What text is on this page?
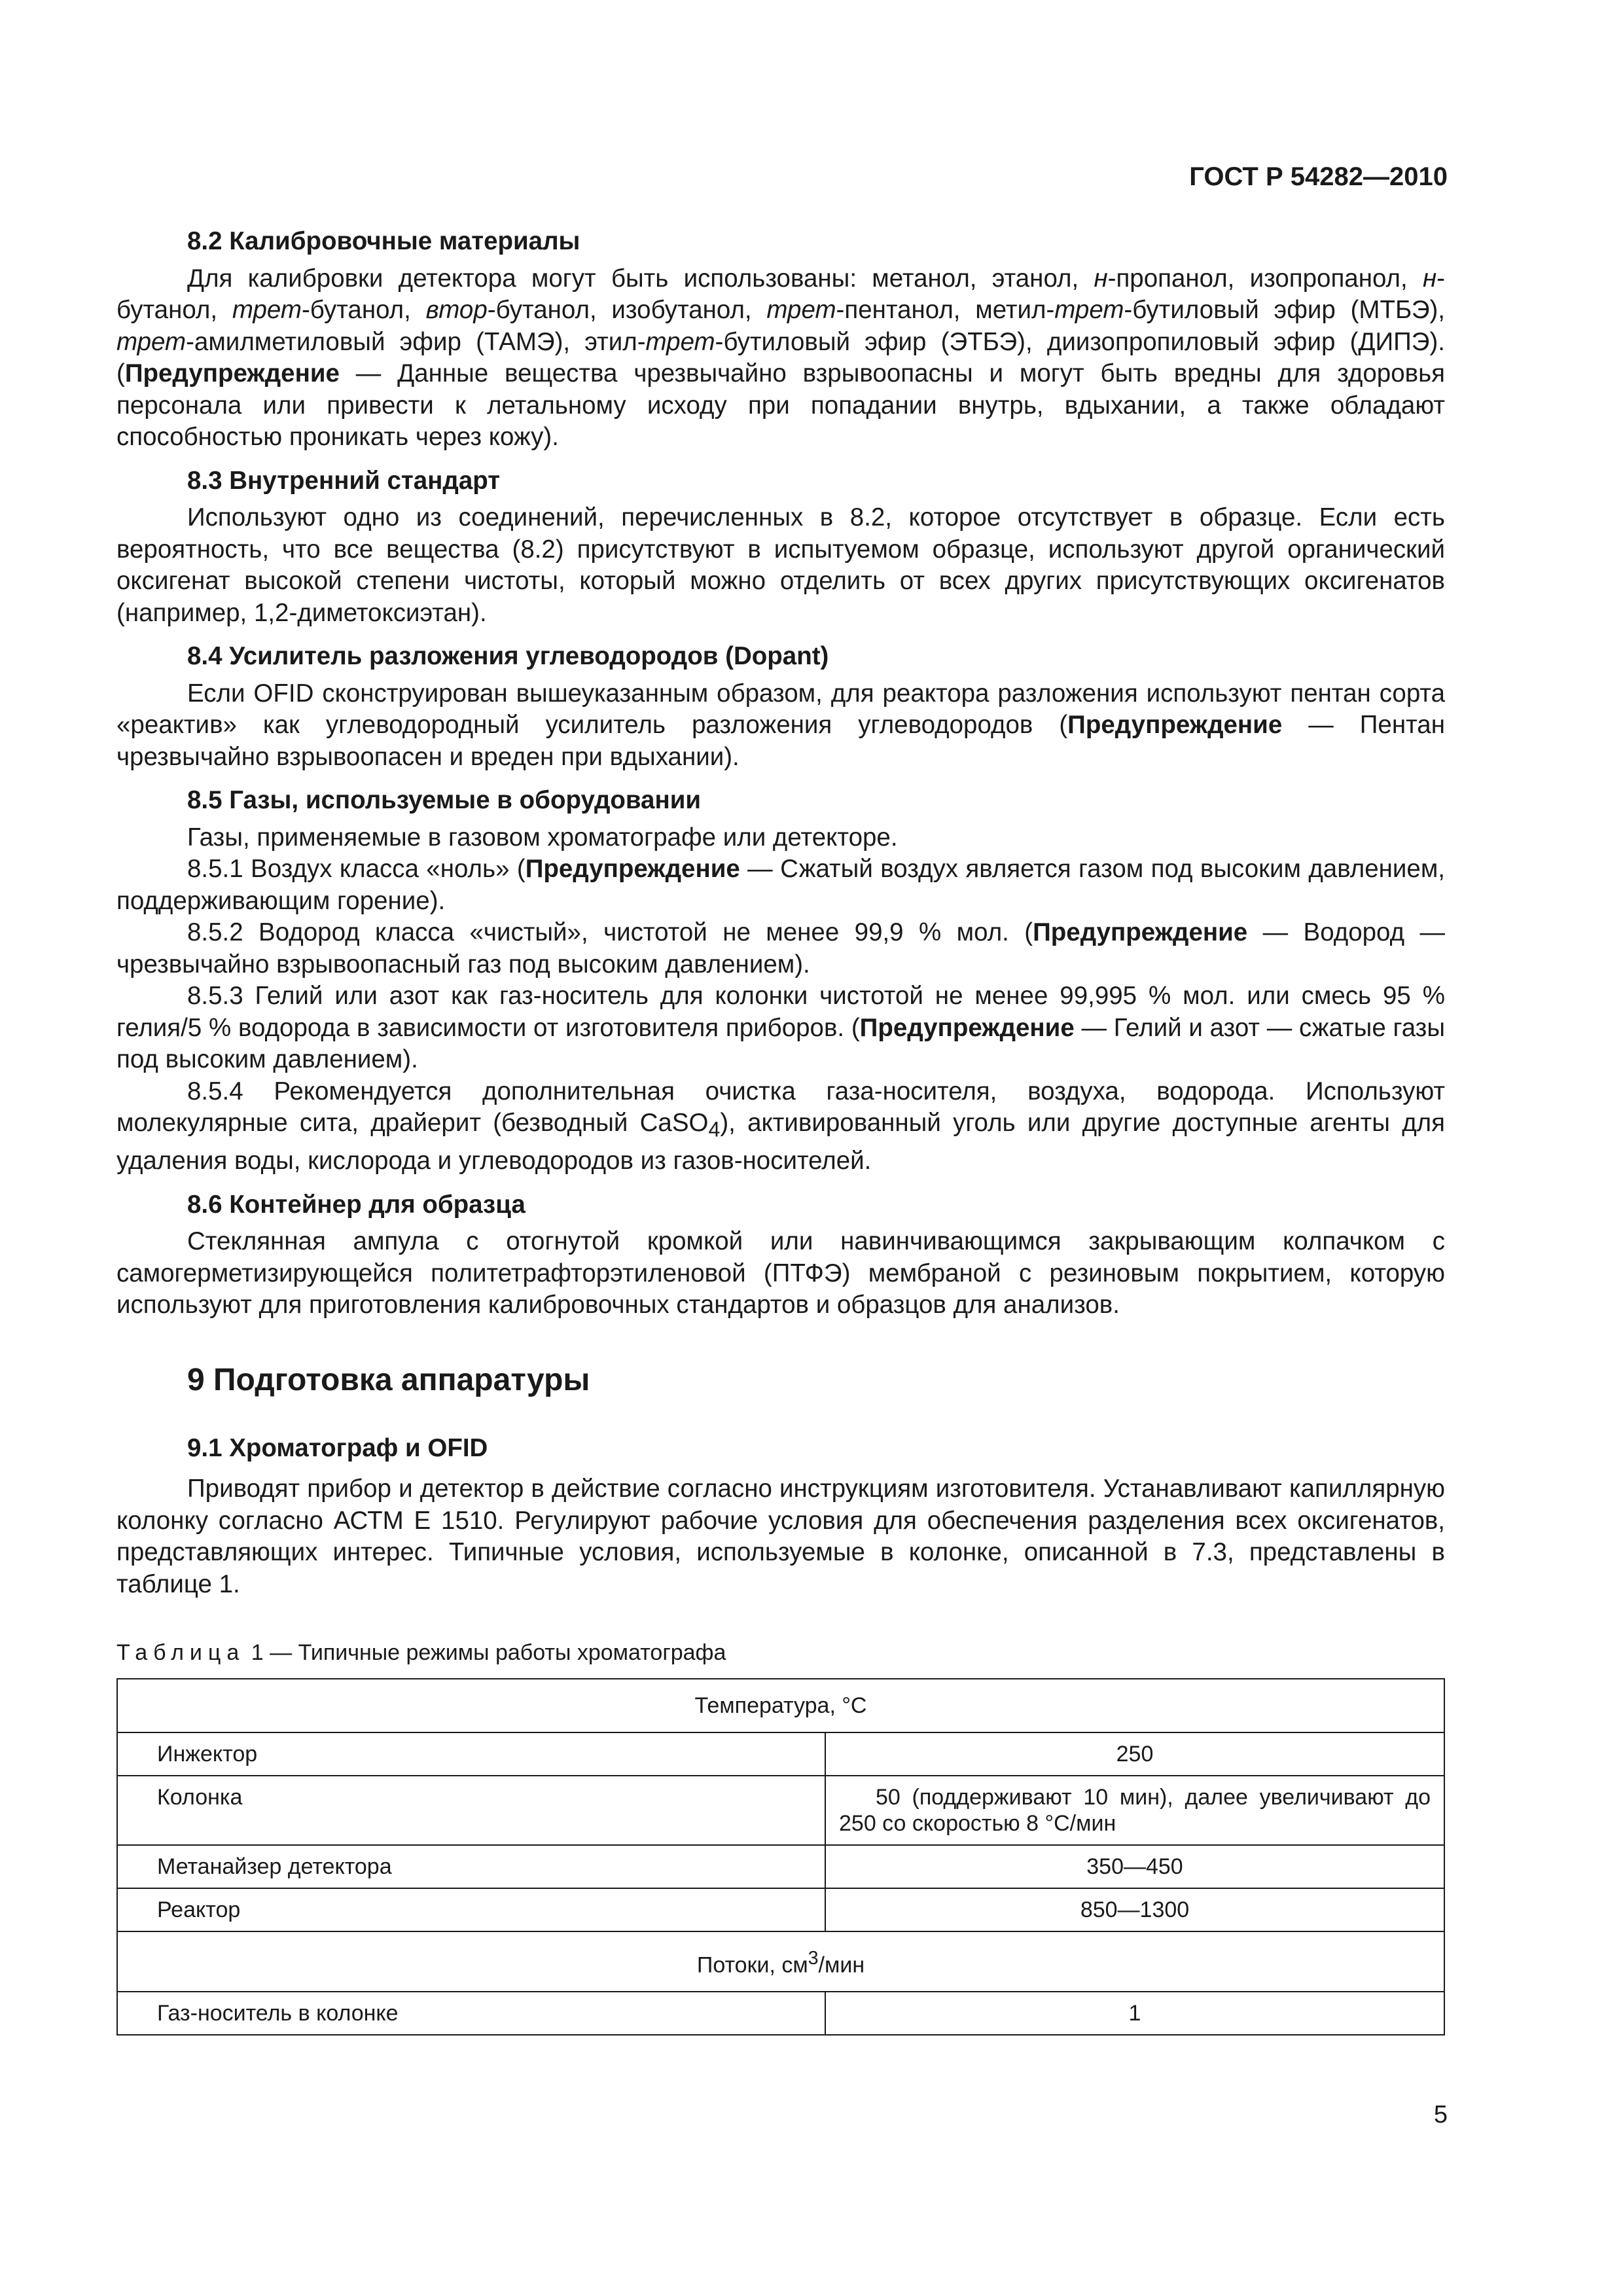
ГОСТ Р 54282—2010

8.2 Калибровочные материалы

Для калибровки детектора могут быть использованы: метанол, этанол, н-пропанол, изопропанол, н-бутанол, трет-бутанол, втор-бутанол, изобутанол, трет-пентанол, метил-трет-бутиловый эфир (МТБЭ), трет-амилметиловый эфир (ТАМЭ), этил-трет-бутиловый эфир (ЭТБЭ), диизопропиловый эфир (ДИПЭ). (Предупреждение — Данные вещества чрезвычайно взрывоопасны и могут быть вредны для здоровья персонала или привести к летальному исходу при попадании внутрь, вдыхании, а также обладают способностью проникать через кожу).

8.3 Внутренний стандарт

Используют одно из соединений, перечисленных в 8.2, которое отсутствует в образце. Если есть вероятность, что все вещества (8.2) присутствуют в испытуемом образце, используют другой органический оксигенат высокой степени чистоты, который можно отделить от всех других присутствующих оксигенатов (например, 1,2-диметоксиэтан).

8.4 Усилитель разложения углеводородов (Dopant)

Если OFID сконструирован вышеуказанным образом, для реактора разложения используют пентан сорта «реактив» как углеводородный усилитель разложения углеводородов (Предупреждение — Пентан чрезвычайно взрывоопасен и вреден при вдыхании).

8.5 Газы, используемые в оборудовании

Газы, применяемые в газовом хроматографе или детекторе.

8.5.1 Воздух класса «ноль» (Предупреждение — Сжатый воздух является газом под высоким давлением, поддерживающим горение).

8.5.2 Водород класса «чистый», чистотой не менее 99,9 % мол. (Предупреждение — Водород — чрезвычайно взрывоопасный газ под высоким давлением).

8.5.3 Гелий или азот как газ-носитель для колонки чистотой не менее 99,995 % мол. или смесь 95 % гелия/5 % водорода в зависимости от изготовителя приборов. (Предупреждение — Гелий и азот — сжатые газы под высоким давлением).

8.5.4 Рекомендуется дополнительная очистка газа-носителя, воздуха, водорода. Используют молекулярные сита, драйерит (безводный CaSO$_4$), активированный уголь или другие доступные агенты для удаления воды, кислорода и углеводородов из газов-носителей.

8.6 Контейнер для образца

Стеклянная ампула с отогнутой кромкой или навинчивающимся закрывающим колпачком с самогерметизирующейся политетрафторэтиленовой (ПТФЭ) мембраной с резиновым покрытием, которую используют для приготовления калибровочных стандартов и образцов для анализов.

9 Подготовка аппаратуры

9.1 Хроматограф и OFID

Приводят прибор и детектор в действие согласно инструкциям изготовителя. Устанавливают капиллярную колонку согласно АСТМ Е 1510. Регулируют рабочие условия для обеспечения разделения всех оксигенатов, представляющих интерес. Типичные условия, используемые в колонке, описанной в 7.3, представлены в таблице 1.

Таблица 1 — Типичные режимы работы хроматографа

Температура, °С	
Инжектор	250
Колонка	50 (поддерживают 10 мин), далее увеличивают до 250 со скоростью 8 °С/мин
Метанайзер детектора	350—450
Реактор	850—1300
Потоки, $см^3$/мин	
Газ-носитель в колонке	1
5
